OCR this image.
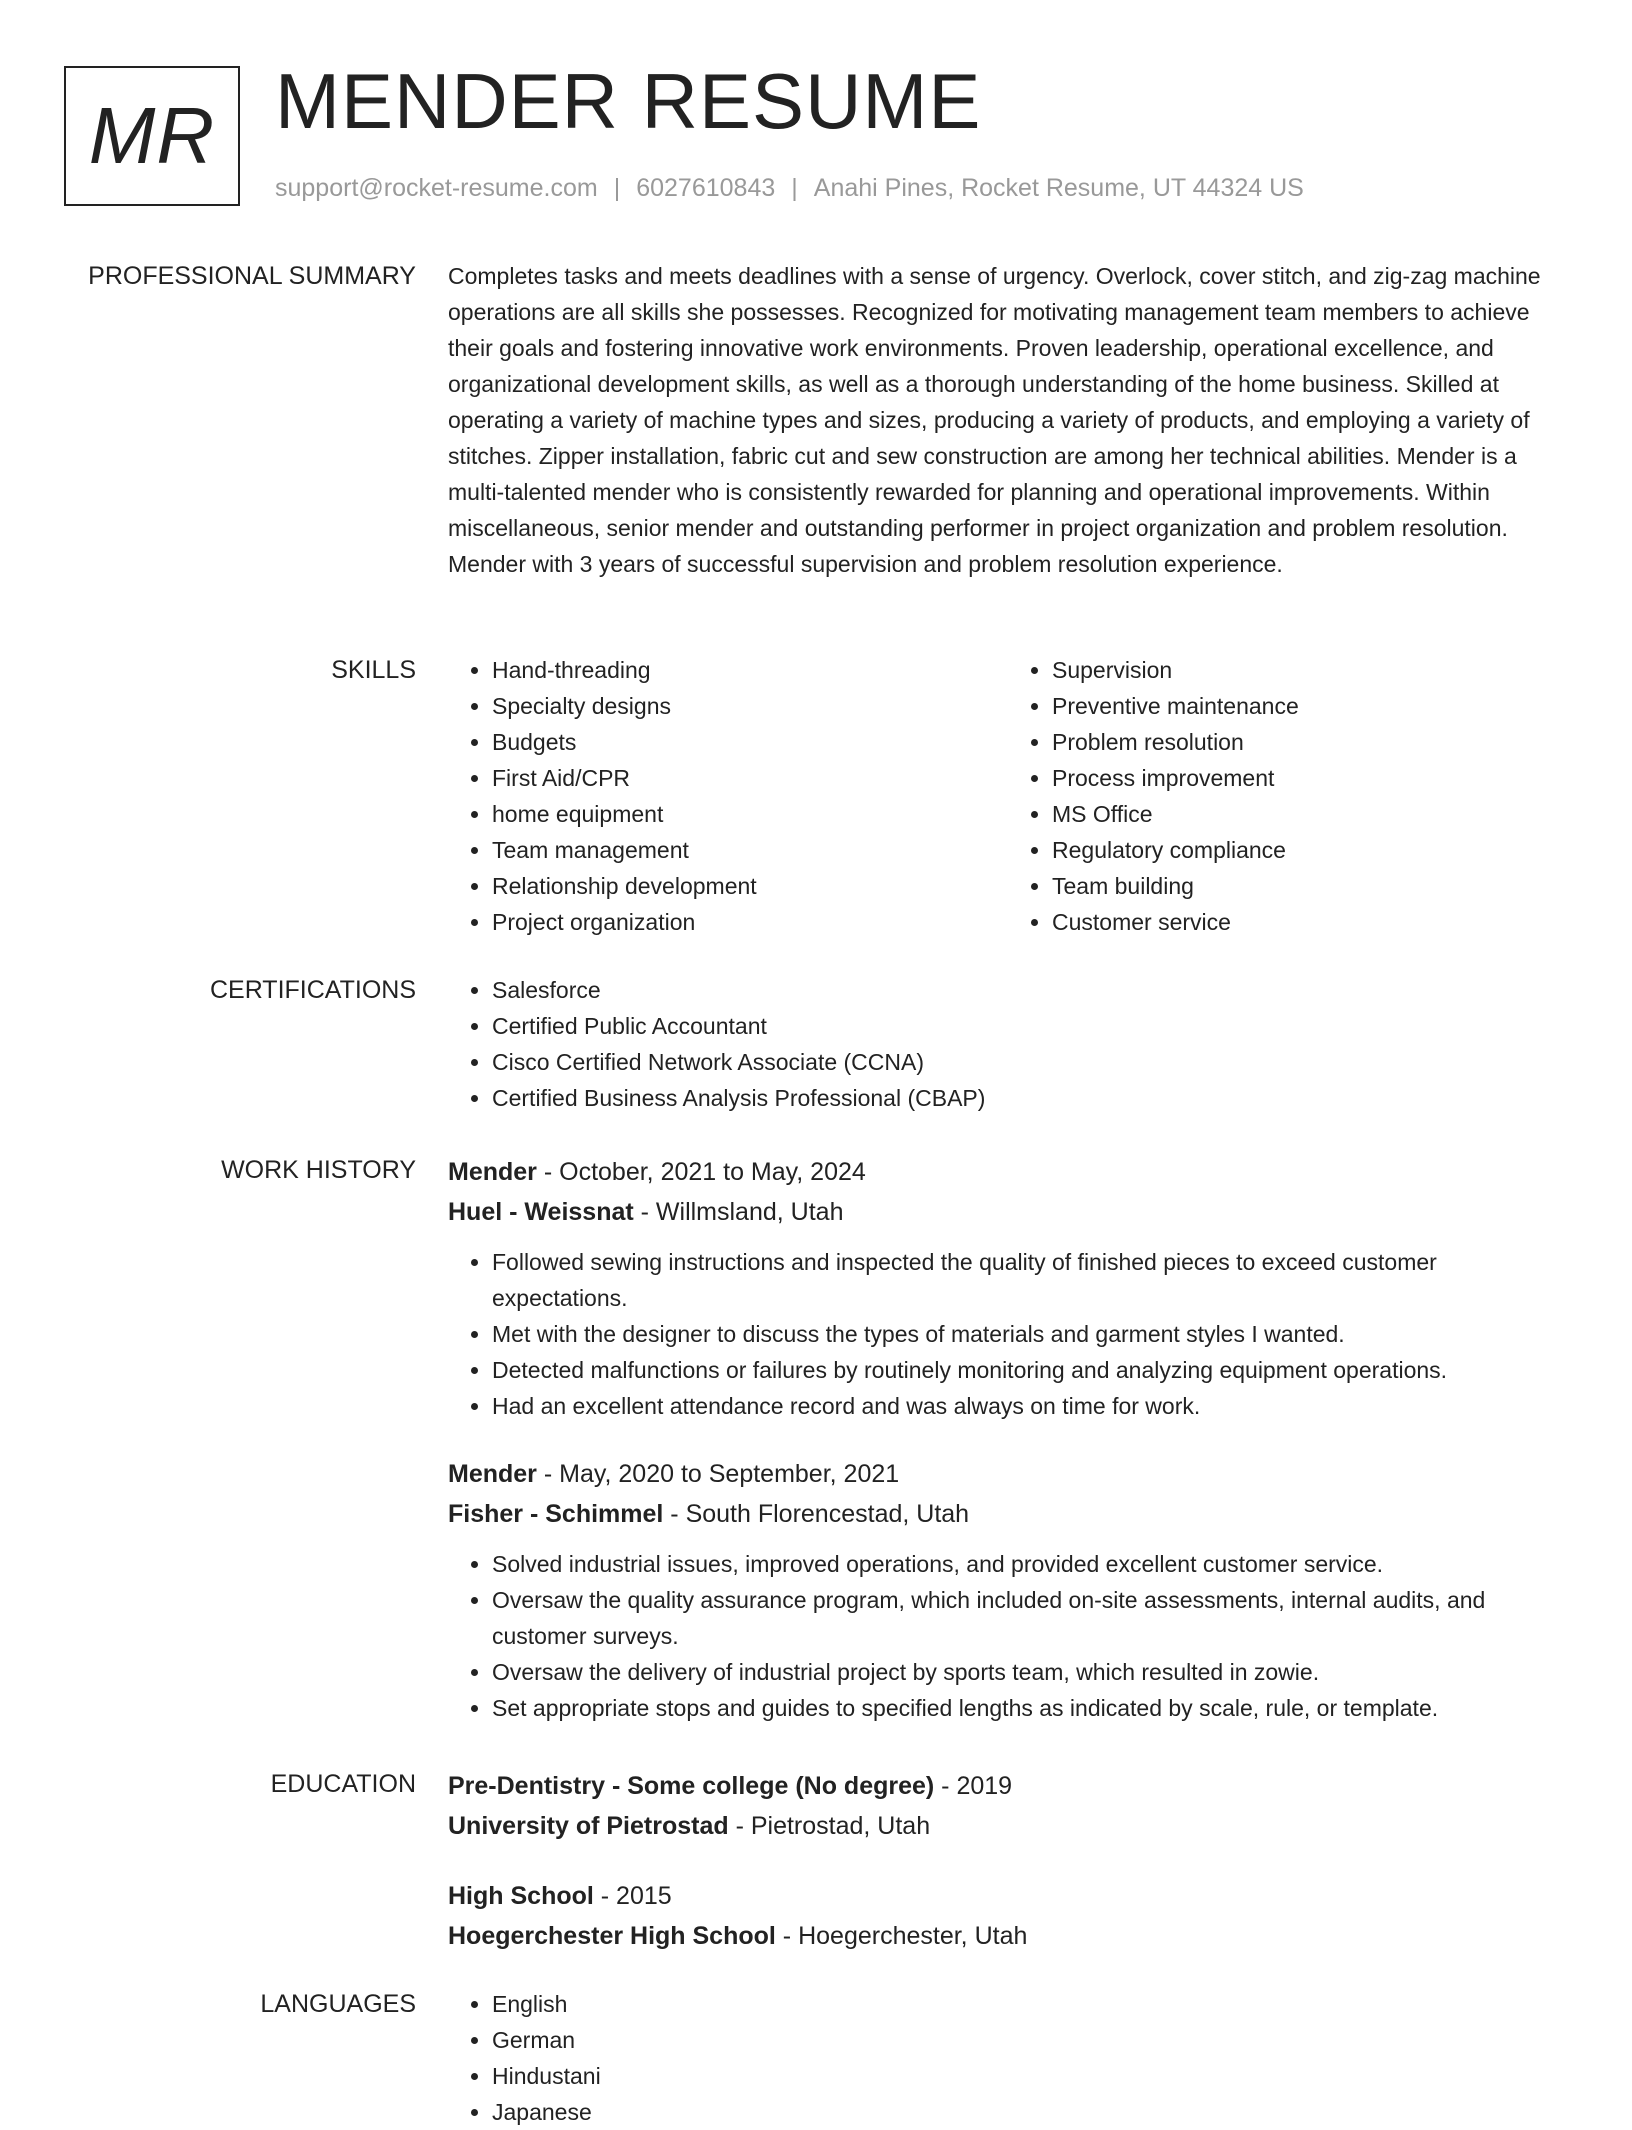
MR MENDER RESUME
support@rocket-resume.com | 6027610843 | Anahi Pines, Rocket Resume, UT 44324 US
PROFESSIONAL SUMMARY Completes tasks and meets deadlines with a sense of urgency. Overlock, cover stitch, and zig-zag machine operations are all skills she possesses. Recognized for motivating management team members to achieve their goals and fostering innovative work environments. Proven leadership, operational excellence, and organizational development skills, as well as a thorough understanding of the home business. Skilled at operating a variety of machine types and sizes, producing a variety of products, and employing a variety of stitches. Zipper installation, fabric cut and sew construction are among her technical abilities. Mender is a multi-talented mender who is consistently rewarded for planning and operational improvements. Within miscellaneous, senior mender and outstanding performer in project organization and problem resolution. Mender with 3 years of successful supervision and problem resolution experience.

SKILLS	• Hand-threading
• Specialty designs
• Budgets
• First Aid/CPR
• home equipment
• Team management
• Relationship development
• Project organization
• Supervision
• Preventive maintenance
• Problem resolution
• Process improvement
• MS Office
• Regulatory compliance
• Team building
• Customer service
CERTIFICATIONS	• Salesforce
• Certified Public Accountant
• Cisco Certified Network Associate (CCNA)
• Certified Business Analysis Professional (CBAP)
WORK HISTORY Mender - October, 2021 to May, 2024

Huel - Weissnat - Willmsland, Utah

• Followed sewing instructions and inspected the quality of finished pieces to exceed customer expectations.
• Met with the designer to discuss the types of materials and garment styles I wanted.
• Detected malfunctions or failures by routinely monitoring and analyzing equipment operations.
• Had an excellent attendance record and was always on time for work.

Mender - May, 2020 to September, 2021

Fisher - Schimmel - South Florencestad, Utah

• Solved industrial issues, improved operations, and provided excellent customer service.
• Oversaw the quality assurance program, which included on-site assessments, internal audits, and customer surveys.
• Oversaw the delivery of industrial project by sports team, which resulted in zowie.
• Set appropriate stops and guides to specified lengths as indicated by scale, rule, or template.
EDUCATION Pre-Dentistry - Some college (No degree) - 2019

University of Pietrostad - Pietrostad, Utah

High School - 2015

Hoegerchester High School - Hoegerchester, Utah

LANGUAGES	• English
• German
• Hindustani
• Japanese
